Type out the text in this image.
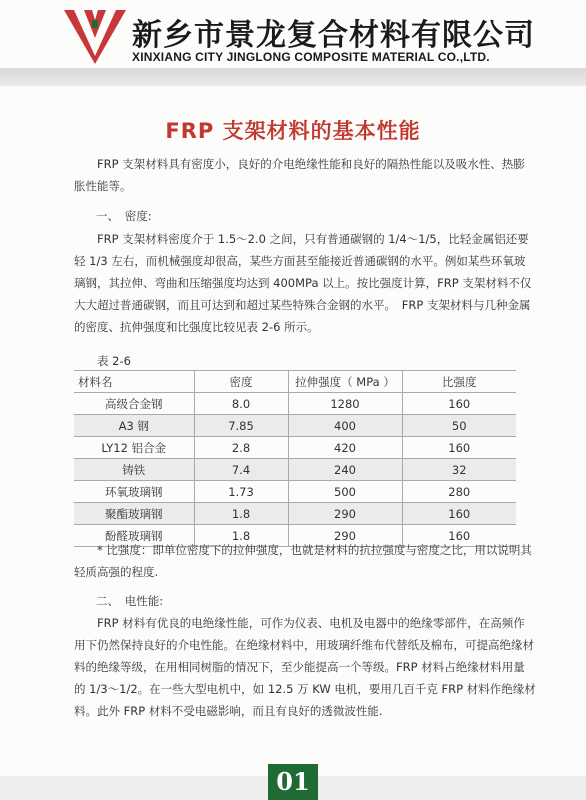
新乡市景龙复合材料有限公司
XINXIANG CITY JINGLONG COMPOSITE MATERIAL CO.,LTD.
FRP 支架材料的基本性能

FRP 支架材料具有密度小，良好的介电绝缘性能和良好的隔热性能以及吸水性、热膨胀性能等。

一、　密度:

FRP 支架材料密度介于 1.5～2.0 之间，只有普通碳钢的 1/4～1/5，比轻金属铝还要轻 1/3 左右，而机械强度却很高，某些方面甚至能接近普通碳钢的水平。例如某些环氧玻璃钢，其拉伸、弯曲和压缩强度均达到 400MPa 以上。按比强度计算，FRP 支架材料不仅大大超过普通碳钢，而且可达到和超过某些特殊合金钢的水平。　FRP 支架材料与几种金属的密度、抗伸强度和比强度比较见表 2-6 所示。

表 2-6
材料名	密度	拉伸强度（ MPa ）	比强度
高级合金钢	8.0	1280	160
A3 钢	7.85	400	50
LY12 铝合金	2.8	420	160
铸铁	7.4	240	32
环氧玻璃钢	1.73	500	280
聚酯玻璃钢	1.8	290	160
酚醛玻璃钢	1.8	290	160

* 比强度：即单位密度下的拉伸强度，也就是材料的抗拉强度与密度之比，用以说明其轻质高强的程度.

二、　电性能:

FRP 材料有优良的电绝缘性能，可作为仪表、电机及电器中的绝缘零部件，在高频作用下仍然保持良好的介电性能。在绝缘材料中，用玻璃纤维布代替纸及棉布，可提高绝缘材料的绝缘等级，在用相同树脂的情况下，至少能提高一个等级。FRP 材料占绝缘材料用量的 1/3～1/2。在一些大型电机中，如 12.5 万 KW 电机，要用几百千克 FRP 材料作绝缘材料。此外 FRP 材料不受电磁影响，而且有良好的透微波性能.

01
